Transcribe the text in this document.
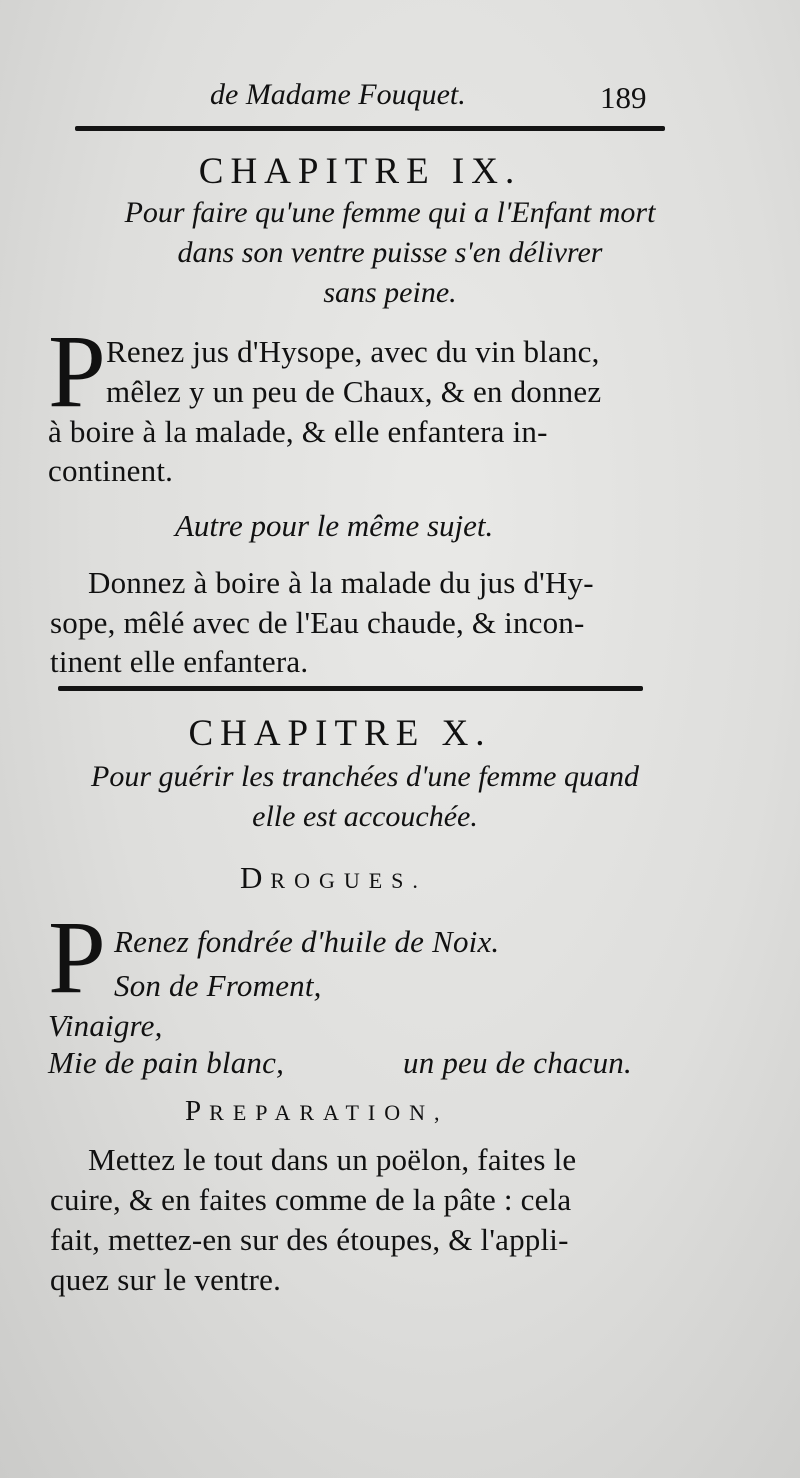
de Madame Fouquet.	189
CHAPITRE IX.
Pour faire qu'une femme qui a l'Enfant mort
dans son ventre puisse s'en délivrer
sans peine.
P Renez jus d'Hysope, avec du vin blanc,
mêlez y un peu de Chaux, & en donnez
à boire à la malade, & elle enfantera in-
continent.
Autre pour le même sujet.
Donnez à boire à la malade du jus d'Hy-
sope, mêlé avec de l'Eau chaude, & incon-
tinent elle enfantera.
CHAPITRE X.
Pour guérir les tranchées d'une femme quand
elle est accouchée.
DROGUES.
P Renez fondrée d'huile de Noix.
Son de Froment,
Vinaigre,
Mie de pain blanc,	un peu de chacun.
PREPARATION,
Mettez le tout dans un poëlon, faites le
cuire, & en faites comme de la pâte : cela
fait, mettez-en sur des étoupes, & l'appli-
quez sur le ventre.
